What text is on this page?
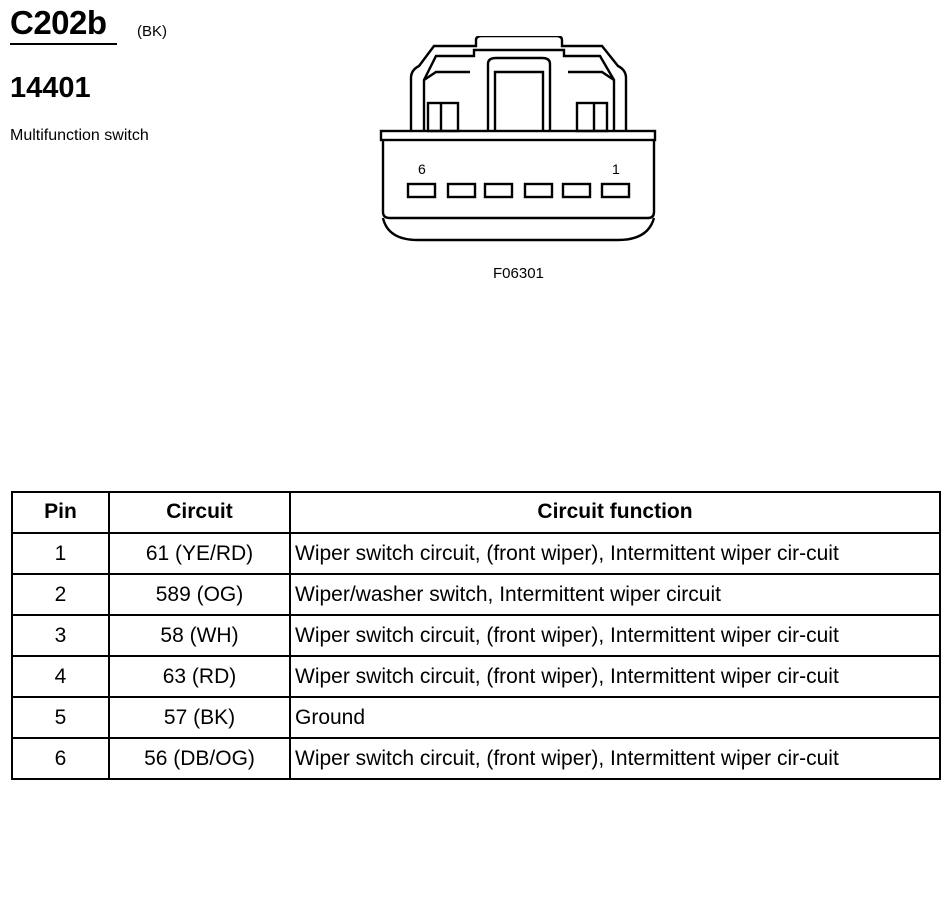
C202b (BK)
14401
Multifunction switch
6	1
F06301
Pin	Circuit	Circuit function
1	61 (YE/RD)	Wiper switch circuit, (front wiper), Intermittent wiper cir-cuit
2	589 (OG)	Wiper/washer switch, Intermittent wiper circuit
3	58 (WH)	Wiper switch circuit, (front wiper), Intermittent wiper cir-cuit
4	63 (RD)	Wiper switch circuit, (front wiper), Intermittent wiper cir-cuit
5	57 (BK)	Ground
6	56 (DB/OG)	Wiper switch circuit, (front wiper), Intermittent wiper cir-cuit
